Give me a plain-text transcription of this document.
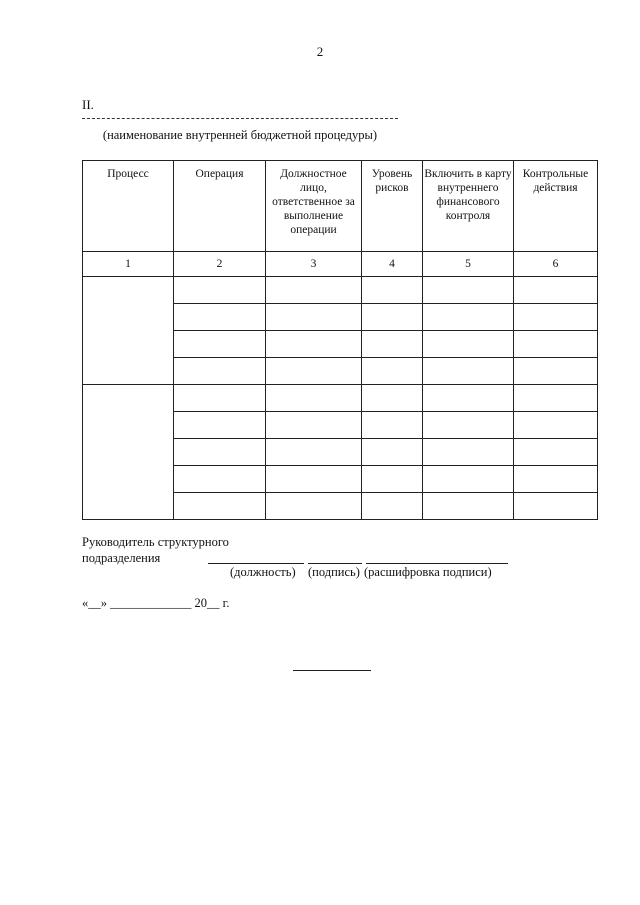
2
II.
(наименование внутренней бюджетной процедуры)
Процесс	Операция	Должностное лицо, ответственное за выполнение операции	Уровень рисков	Включить в карту внутреннего финансового контроля	Контрольные действия
1	2	3	4	5	6

Руководитель структурного
подразделения
(должность) (подпись) (расшифровка подписи)
«__» _____________ 20__ г.
